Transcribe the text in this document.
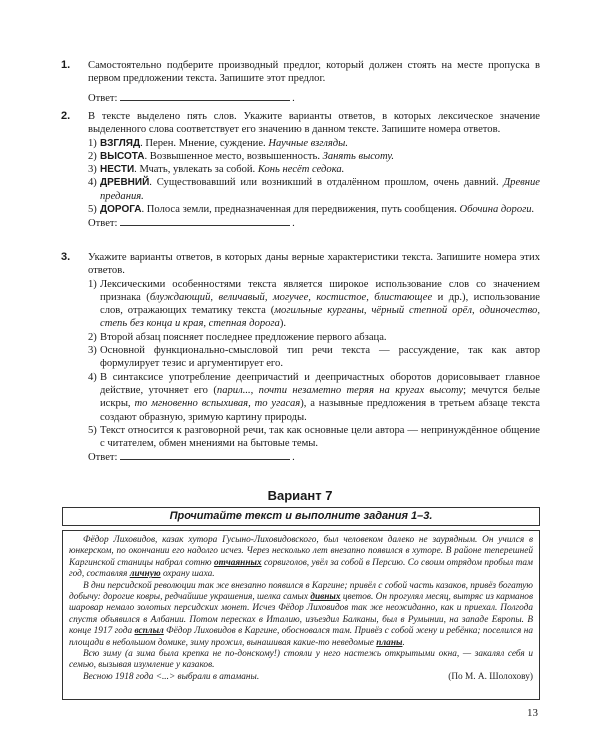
1. Самостоятельно подберите производный предлог, который должен стоять на месте пропуска в первом предложении текста. Запишите этот предлог.
Ответ:	.
2. В тексте выделено пять слов. Укажите варианты ответов, в которых лексическое значение выделенного слова соответствует его значению в данном тексте. Запишите номера ответов.
1) ВЗГЛЯД. Перен. Мнение, суждение. Научные взгляды.
2) ВЫСОТА. Возвышенное место, возвышенность. Занять высоту.
3) НЕСТИ. Мчать, увлекать за собой. Конь несёт седока.
4) ДРЕВНИЙ. Существовавший или возникший в отдалённом прошлом, очень давний. Древние предания.
5) ДОРОГА. Полоса земли, предназначенная для передвижения, путь сообщения. Обочина дороги.
Ответ:	.
3. Укажите варианты ответов, в которых даны верные характеристики текста. Запишите номера этих ответов.
1) Лексическими особенностями текста является широкое использование слов со значением признака (блуждающий, величавый, могучее, костистое, блистающее и др.), использование слов, отражающих тематику текста (могильные курганы, чёрный степной орёл, одиночество, степь без конца и края, степная дорога).
2) Второй абзац поясняет последнее предложение первого абзаца.
3) Основной функционально-смысловой тип речи текста — рассуждение, так как автор формулирует тезис и аргументирует его.
4) В синтаксисе употребление деепричастий и деепричастных оборотов дорисовывает главное действие, уточняет его (парил..., почти незаметно теряя на кругах высоту; мечутся белые искры, то мгновенно вспыхивая, то угасая), а назывные предложения в третьем абзаце текста создают образную, зримую картину природы.
5) Текст относится к разговорной речи, так как основные цели автора — непринуждённое общение с читателем, обмен мнениями на бытовые темы.
Ответ:	.
Вариант 7
Прочитайте текст и выполните задания 1–3.

Фёдор Лиховидов, казак хутора Гусыно-Лиховидовского, был человеком далеко не заурядным. Он учился в юнкерском, по окончании его надолго исчез. Через несколько лет внезапно появился в хуторе. В районе теперешней Каргинской станицы набрал сотню отчаянных сорвиголов, увёл за собой в Персию. Со своим отрядом пробыл там год, составляя личную охрану шаха.

В дни персидской революции так же внезапно появился в Каргине; привёл с собой часть казаков, привёз богатую добычу: дорогие ковры, редчайшие украшения, шелка самых дивных цветов. Он прогулял месяц, вытряс из карманов шаровар немало золотых персидских монет. Исчез Фёдор Лиховидов так же неожиданно, как и приехал. Полгода спустя объявился в Албании. Потом пересках в Италию, изъездил Балканы, был в Румынии, на западе Европы. В конце 1917 года всплыл Фёдор Лиховидов в Каргине, обосновался там. Привёз с собой жену и ребёнка; поселился на площади в небольшом домике, зиму прожил, вынашивая какие-то неведомые планы.

Всю зиму (а зима была крепка не по-донскому!) стояли у него настежь открытыми окна, — закалял себя и семью, вызывая изумление у казаков.

Весною 1918 года <...> выбрали в атаманы.	(По М. А. Шолохову)

13
